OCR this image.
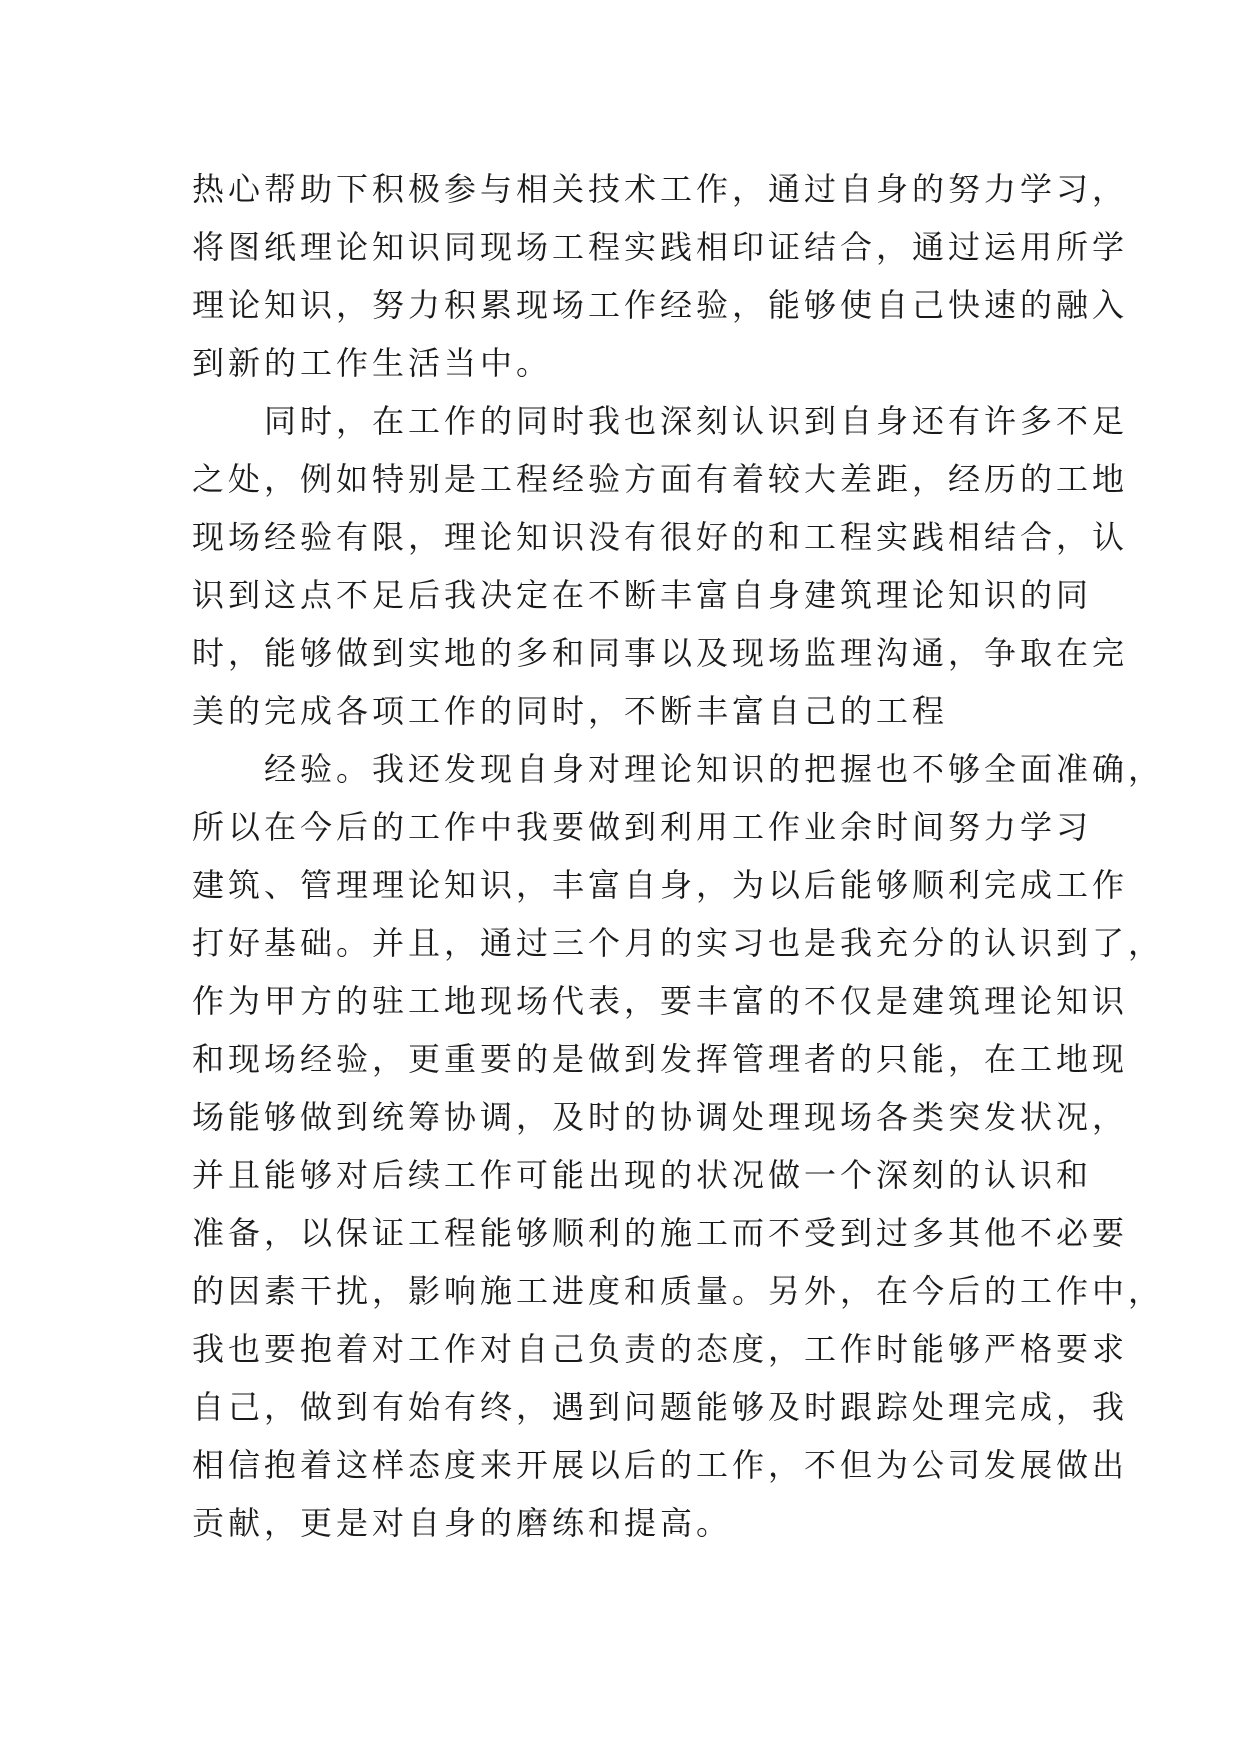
热心帮助下积极参与相关技术工作，通过自身的努力学习，
将图纸理论知识同现场工程实践相印证结合，通过运用所学
理论知识，努力积累现场工作经验，能够使自己快速的融入
到新的工作生活当中。
同时，在工作的同时我也深刻认识到自身还有许多不足
之处，例如特别是工程经验方面有着较大差距，经历的工地
现场经验有限，理论知识没有很好的和工程实践相结合，认
识到这点不足后我决定在不断丰富自身建筑理论知识的同
时，能够做到实地的多和同事以及现场监理沟通，争取在完
美的完成各项工作的同时，不断丰富自己的工程
经验。我还发现自身对理论知识的把握也不够全面准确，
所以在今后的工作中我要做到利用工作业余时间努力学习
建筑、管理理论知识，丰富自身，为以后能够顺利完成工作
打好基础。并且，通过三个月的实习也是我充分的认识到了，
作为甲方的驻工地现场代表，要丰富的不仅是建筑理论知识
和现场经验，更重要的是做到发挥管理者的只能，在工地现
场能够做到统筹协调，及时的协调处理现场各类突发状况，
并且能够对后续工作可能出现的状况做一个深刻的认识和
准备，以保证工程能够顺利的施工而不受到过多其他不必要
的因素干扰，影响施工进度和质量。另外，在今后的工作中，
我也要抱着对工作对自己负责的态度，工作时能够严格要求
自己，做到有始有终，遇到问题能够及时跟踪处理完成，我
相信抱着这样态度来开展以后的工作，不但为公司发展做出
贡献，更是对自身的磨练和提高。
